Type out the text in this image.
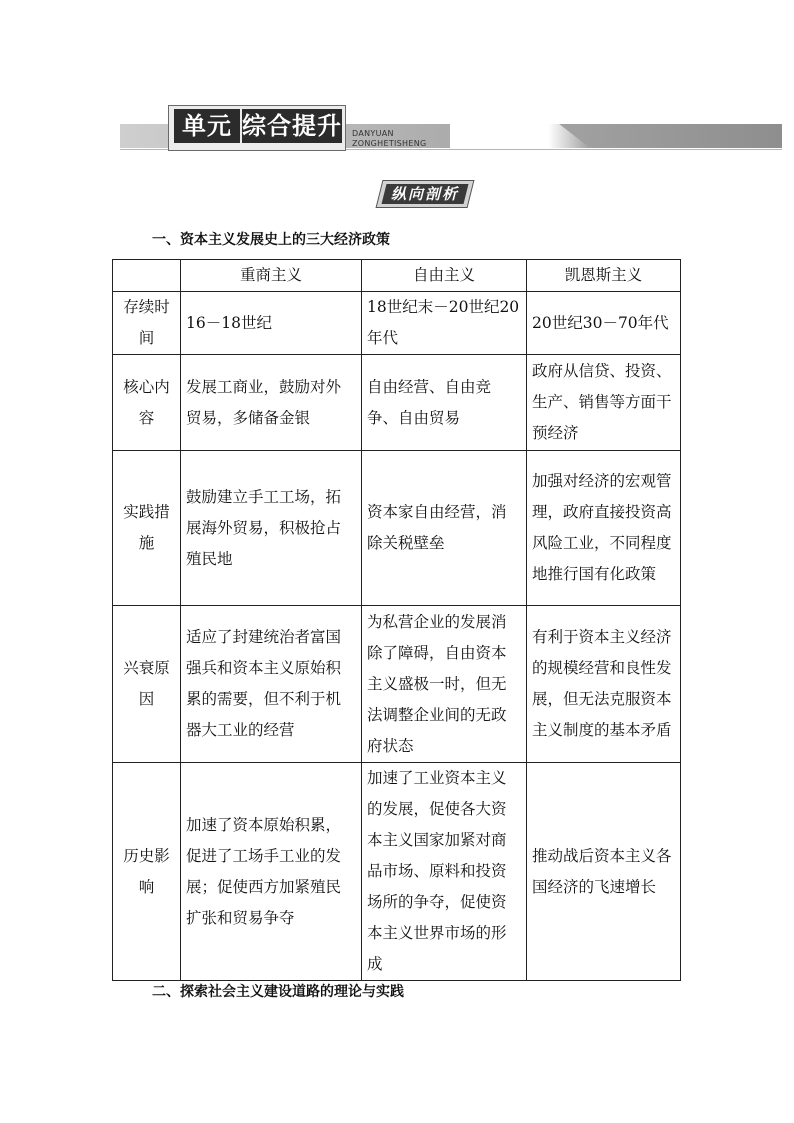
单元 综合提升 DANYUAN
ZONGHETISHENG
纵向剖析
一、资本主义发展史上的三大经济政策
	重商主义	自由主义	凯恩斯主义
存续时间	16－18世纪	18世纪末－20世纪20年代	20世纪30－70年代
核心内容	发展工商业，鼓励对外贸易，多储备金银	自由经营、自由竞争、自由贸易	政府从信贷、投资、生产、销售等方面干预经济
实践措施	鼓励建立手工工场，拓展海外贸易，积极抢占殖民地	资本家自由经营，消除关税壁垒	加强对经济的宏观管理，政府直接投资高风险工业，不同程度地推行国有化政策
兴衰原因	适应了封建统治者富国强兵和资本主义原始积累的需要，但不利于机器大工业的经营	为私营企业的发展消除了障碍，自由资本主义盛极一时，但无法调整企业间的无政府状态	有利于资本主义经济的规模经营和良性发展，但无法克服资本主义制度的基本矛盾
历史影响	加速了资本原始积累，促进了工场手工业的发展；促使西方加紧殖民扩张和贸易争夺	加速了工业资本主义的发展，促使各大资本主义国家加紧对商品市场、原料和投资场所的争夺，促使资本主义世界市场的形成	推动战后资本主义各国经济的飞速增长
二、探索社会主义建设道路的理论与实践
